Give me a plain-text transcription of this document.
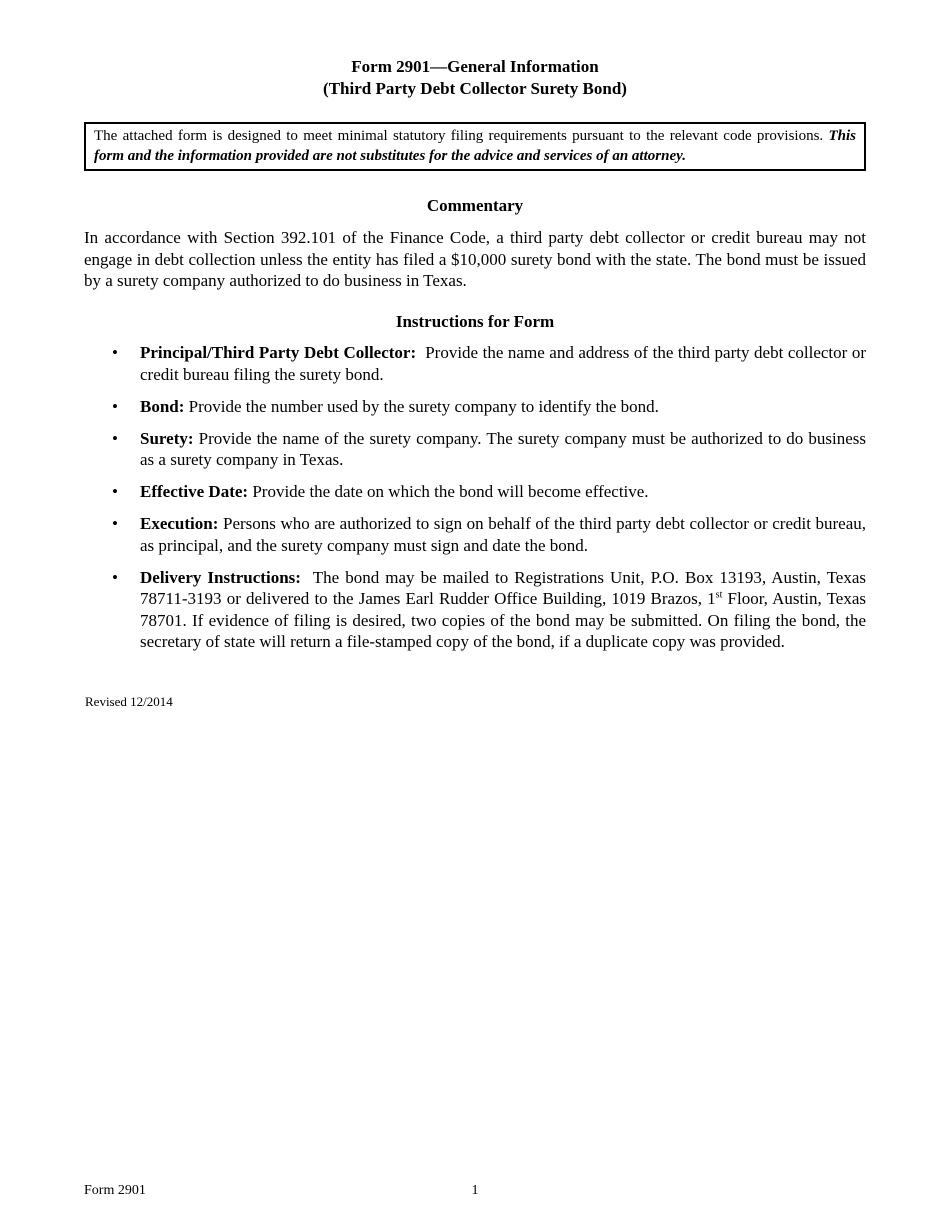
Form 2901—General Information
(Third Party Debt Collector Surety Bond)
The attached form is designed to meet minimal statutory filing requirements pursuant to the relevant code provisions. This form and the information provided are not substitutes for the advice and services of an attorney.
Commentary
In accordance with Section 392.101 of the Finance Code, a third party debt collector or credit bureau may not engage in debt collection unless the entity has filed a $10,000 surety bond with the state. The bond must be issued by a surety company authorized to do business in Texas.
Instructions for Form
• Principal/Third Party Debt Collector: Provide the name and address of the third party debt collector or credit bureau filing the surety bond.
• Bond: Provide the number used by the surety company to identify the bond.
• Surety: Provide the name of the surety company. The surety company must be authorized to do business as a surety company in Texas.
• Effective Date: Provide the date on which the bond will become effective.
• Execution: Persons who are authorized to sign on behalf of the third party debt collector or credit bureau, as principal, and the surety company must sign and date the bond.
• Delivery Instructions: The bond may be mailed to Registrations Unit, P.O. Box 13193, Austin, Texas 78711-3193 or delivered to the James Earl Rudder Office Building, 1019 Brazos, 1st Floor, Austin, Texas 78701. If evidence of filing is desired, two copies of the bond may be submitted. On filing the bond, the secretary of state will return a file-stamped copy of the bond, if a duplicate copy was provided.
Revised 12/2014
Form 2901	1
